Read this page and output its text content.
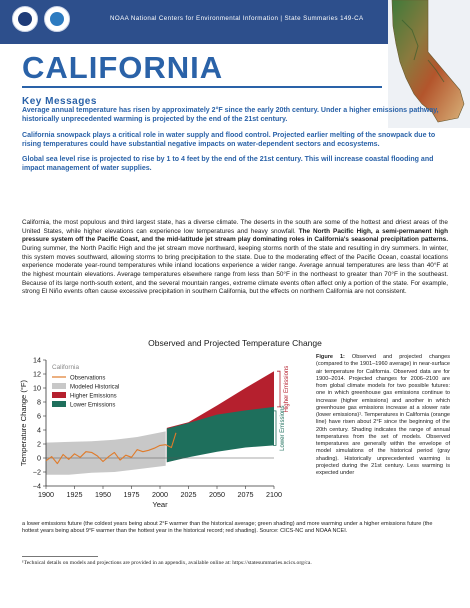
NOAA National Centers for Environmental Information | State Summaries 149-CA
CALIFORNIA
Key Messages
Average annual temperature has risen by approximately 2°F since the early 20th century. Under a higher emissions pathway, historically unprecedented warming is projected by the end of the 21st century.
California snowpack plays a critical role in water supply and flood control. Projected earlier melting of the snowpack due to rising temperatures could have substantial negative impacts on water-dependent sectors and ecosystems.
Global sea level rise is projected to rise by 1 to 4 feet by the end of the 21st century. This will increase coastal flooding and impact management of water supplies.
California, the most populous and third largest state, has a diverse climate. The deserts in the south are some of the hottest and driest areas of the United States, while higher elevations can experience low temperatures and heavy snowfall. The North Pacific High, a semi-permanent high pressure system off the Pacific Coast, and the mid-latitude jet stream play dominating roles in California's seasonal precipitation patterns. During summer, the North Pacific High and the jet stream move northward, keeping storms north of the state and resulting in dry summers. In winter, this system moves southward, allowing storms to bring precipitation to the state. Due to the moderating effect of the Pacific Ocean, coastal locations experience moderate year-round temperatures while inland locations experience a wider range. Average annual temperatures are less than 40°F at the highest mountain elevations. Average temperatures elsewhere range from less than 50°F in the northeast to greater than 70°F in the southeast. Because of its large north-south extent, and the several mountain ranges, extreme climate events often affect only a portion of the state. For example, strong El Niño events often cause excessive precipitation in southern California, but the effects on northern California are not consistent.
Observed and Projected Temperature Change
1900 1925 1950 1975 2000 2025 2050 2075 2100
−4
−2
0
2
4
6
8
10
12
14
Year
Temperature Change (°F)
California
Observations
Modeled Historical
Higher Emissions
Lower Emissions	Higher Emissions
Lower Emissions
Figure 1: Observed and projected changes (compared to the 1901–1960 average) in near-surface air temperature for California. Observed data are for 1900–2014. Projected changes for 2006–2100 are from global climate models for two possible futures: one in which greenhouse gas emissions continue to increase (higher emissions) and another in which greenhouse gas emissions increase at a slower rate (lower emissions)¹. Temperatures in California (orange line) have risen about 2°F since the beginning of the 20th century. Shading indicates the range of annual temperatures from the set of models. Observed temperatures are generally within the envelope of model simulations of the historical period (gray shading). Historically unprecedented warming is projected during the 21st century. Less warming is expected under
a lower emissions future (the coldest years being about 2°F warmer than the historical average; green shading) and more warming under a higher emissions future (the hottest years being about 9°F warmer than the hottest year in the historical record; red shading). Source: CICS-NC and NOAA NCEI.
¹Technical details on models and projections are provided in an appendix, available online at: https://statesummaries.ncics.org/ca.
